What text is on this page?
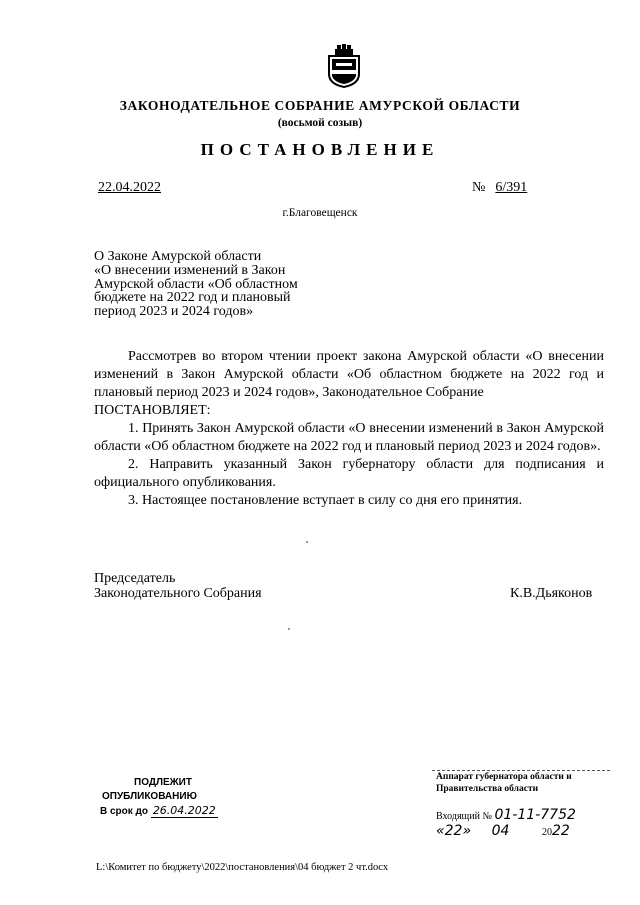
ЗАКОНОДАТЕЛЬНОЕ СОБРАНИЕ АМУРСКОЙ ОБЛАСТИ
(восьмой созыв)
ПОСТАНОВЛЕНИЕ
22.04.2022	№ 6/391
г.Благовещенск
О Законе Амурской области
«О внесении изменений в Закон
Амурской области «Об областном
бюджете на 2022 год и плановый
период 2023 и 2024 годов»

Рассмотрев во втором чтении проект закона Амурской области «О внесении изменений в Закон Амурской области «Об областном бюджете на 2022 год и плановый период 2023 и 2024 годов», Законодательное Собрание

ПОСТАНОВЛЯЕТ:

1. Принять Закон Амурской области «О внесении изменений в Закон Амурской области «Об областном бюджете на 2022 год и плановый период 2023 и 2024 годов».

2. Направить указанный Закон губернатору области для подписания и официального опубликования.

3. Настоящее постановление вступает в силу со дня его принятия.

Председатель
Законодательного Собрания	К.В.Дьяконов
ПОДЛЕЖИТ
ОПУБЛИКОВАНИЮ
В срок до 26.04.2022
Аппарат губернатора области и
Правительства области
Входящий № 01-11-7752
«22» 04	2022
L:\Комитет по бюджету\2022\постановления\04 бюджет 2 чт.docx
